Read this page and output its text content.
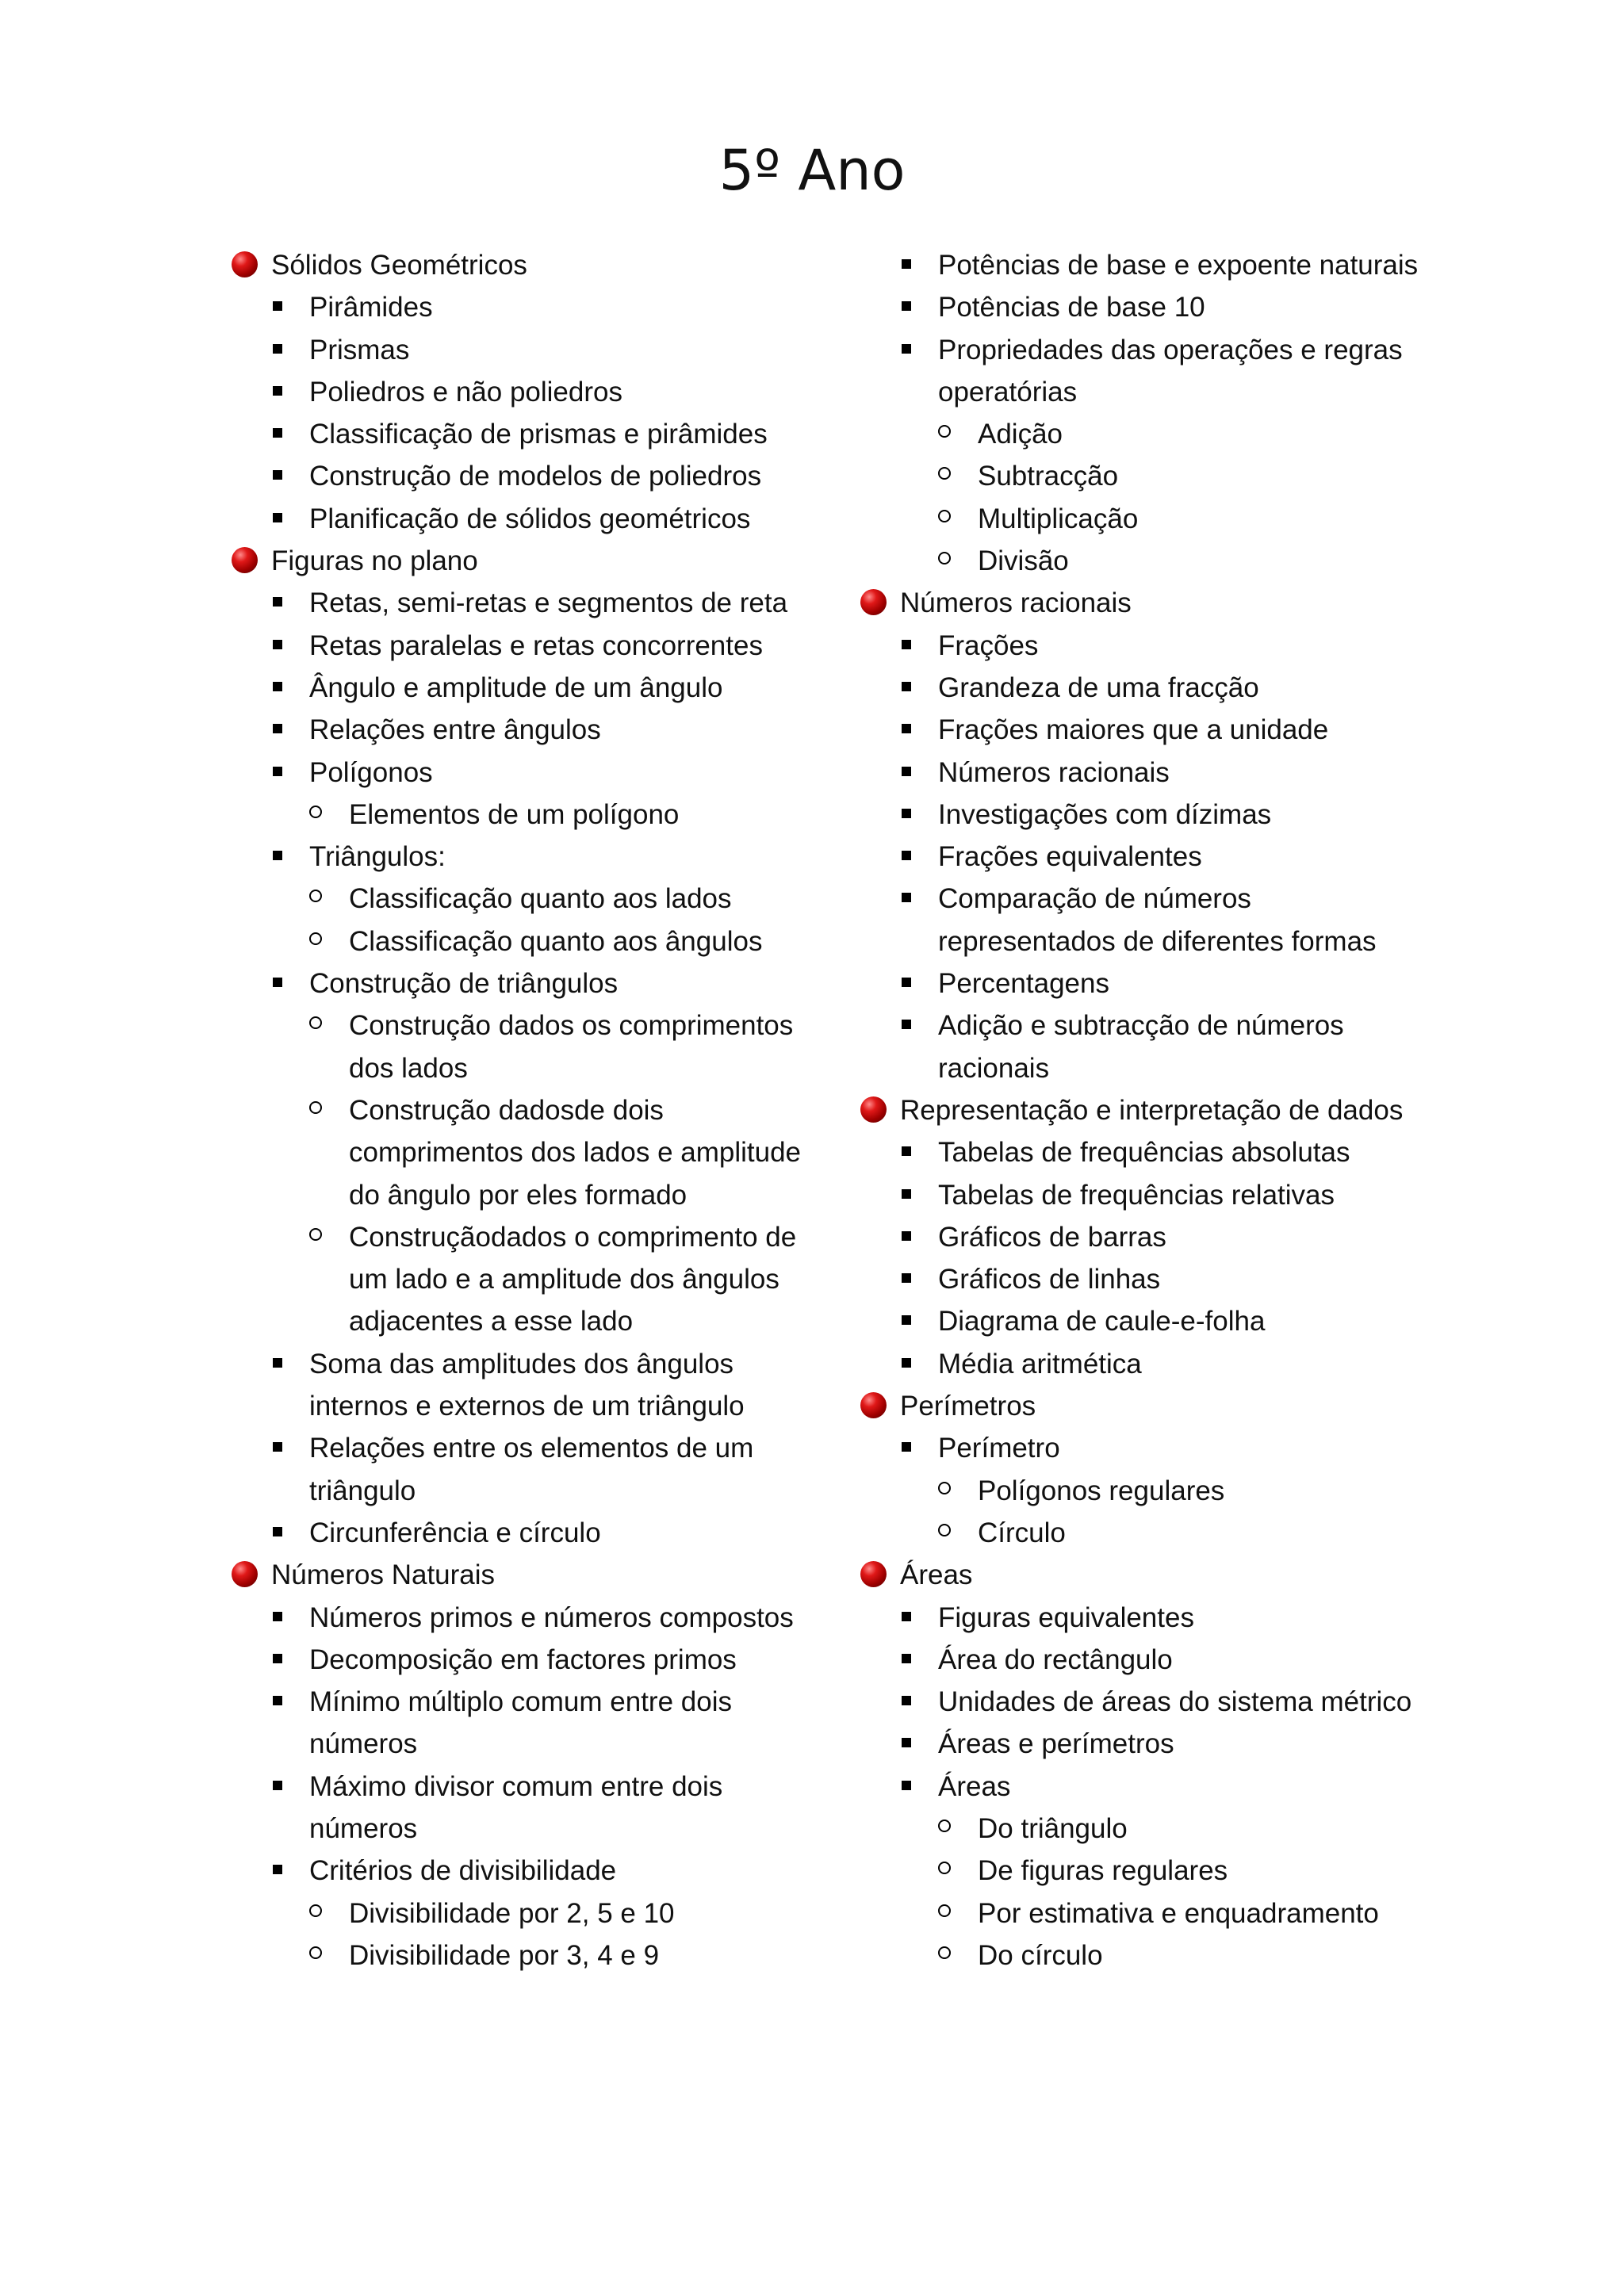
5º Ano
Sólidos Geométricos
Pirâmides
Prismas
Poliedros e não poliedros
Classificação de prismas e pirâmides
Construção de modelos de poliedros
Planificação de sólidos geométricos
Figuras no plano
Retas, semi-retas e segmentos de reta
Retas paralelas e retas concorrentes
Ângulo e amplitude de um ângulo
Relações entre ângulos
Polígonos
Elementos de um polígono
Triângulos:
Classificação quanto aos lados
Classificação quanto aos ângulos
Construção de triângulos
Construção dados os comprimentos dos lados
Construção dadosde dois comprimentos dos lados e amplitude do ângulo por eles formado
Construçãodados o comprimento de um lado e a amplitude dos ângulos adjacentes a esse lado
Soma das amplitudes dos ângulos internos e externos de um triângulo
Relações entre os elementos de um triângulo
Circunferência e círculo
Números Naturais
Números primos e números compostos
Decomposição em factores primos
Mínimo múltiplo comum entre dois números
Máximo divisor comum entre dois números
Critérios de divisibilidade
Divisibilidade por 2, 5 e 10
Divisibilidade por 3, 4 e 9
Potências de base e expoente naturais
Potências de base 10
Propriedades das operações e regras operatórias
Adição
Subtracção
Multiplicação
Divisão
Números racionais
Frações
Grandeza de uma fracção
Frações maiores que a unidade
Números racionais
Investigações com dízimas
Frações equivalentes
Comparação de números representados de diferentes formas
Percentagens
Adição e subtracção de números racionais
Representação e interpretação de dados
Tabelas de frequências absolutas
Tabelas de frequências relativas
Gráficos de barras
Gráficos de linhas
Diagrama de caule-e-folha
Média aritmética
Perímetros
Perímetro
Polígonos regulares
Círculo
Áreas
Figuras equivalentes
Área do rectângulo
Unidades de áreas do sistema métrico
Áreas e perímetros
Áreas
Do triângulo
De figuras regulares
Por estimativa e enquadramento
Do círculo
